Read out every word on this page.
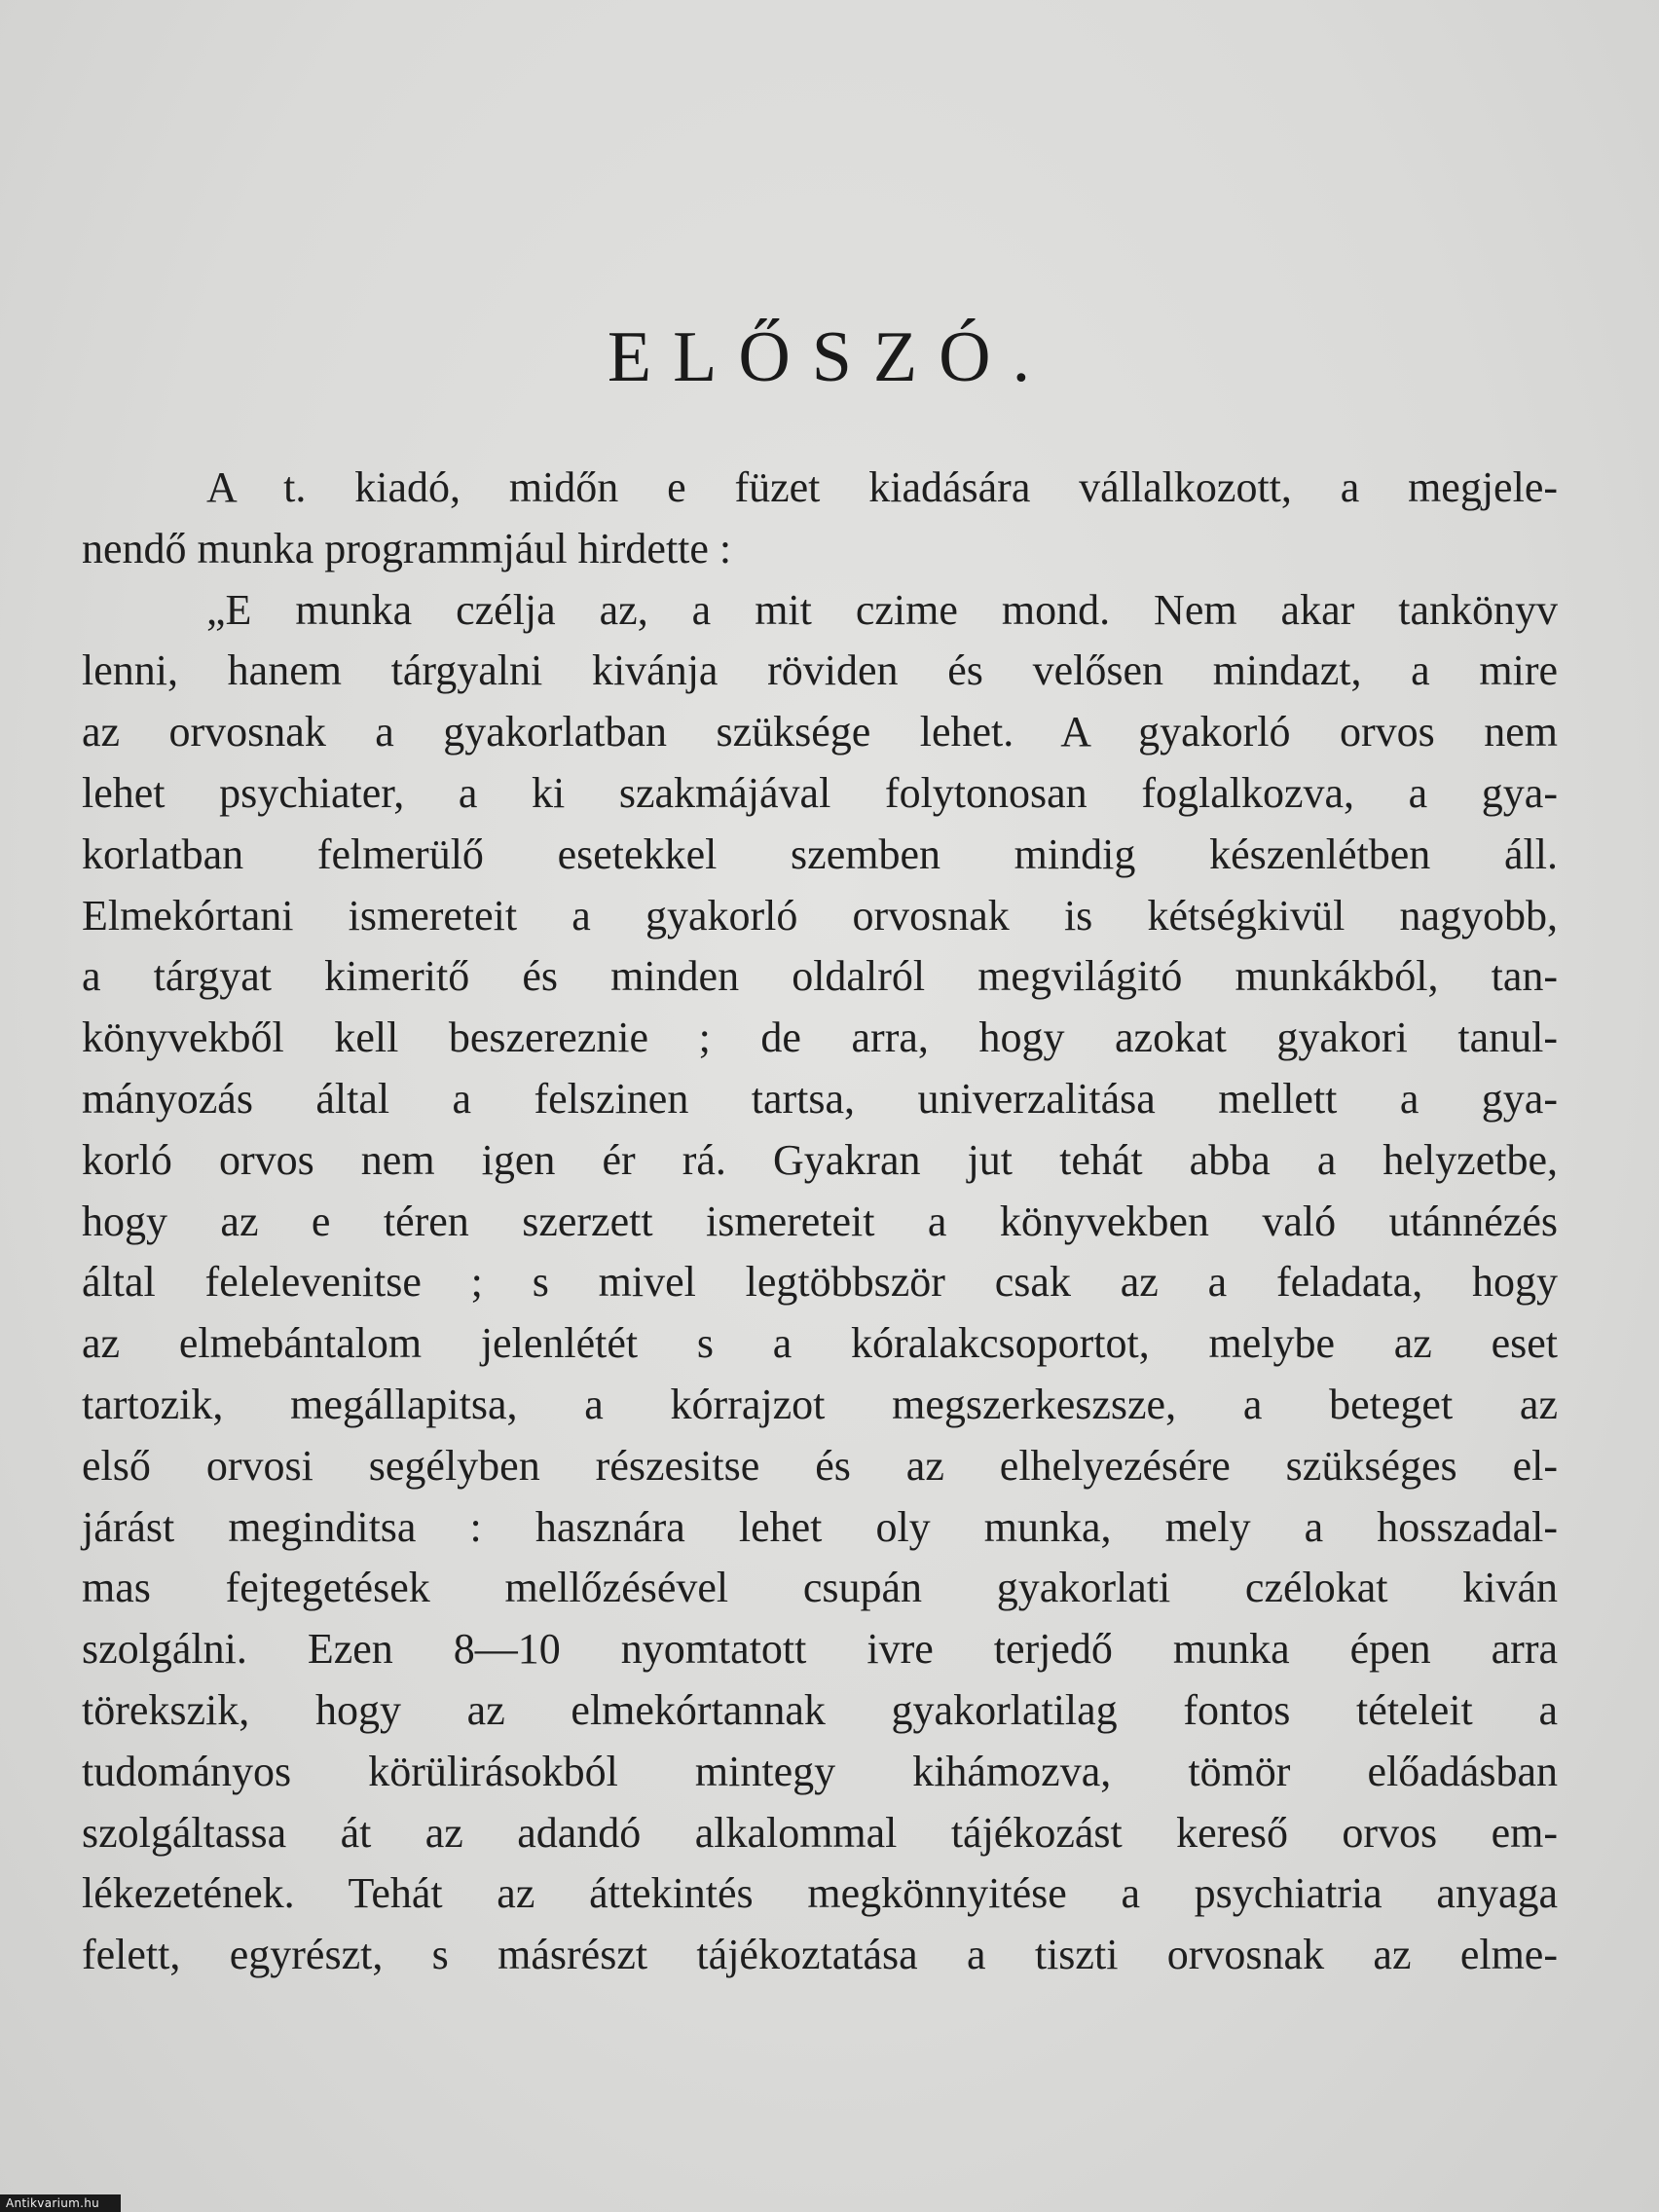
ELŐSZÓ.
A t. kiadó, midőn e füzet kiadására vállalkozott, a megjele-
nendő munka programmjául hirdette :
„E munka czélja az, a mit czime mond. Nem akar tankönyv
lenni, hanem tárgyalni kivánja röviden és velősen mindazt, a mire
az orvosnak a gyakorlatban szüksége lehet. A gyakorló orvos nem
lehet psychiater, a ki szakmájával folytonosan foglalkozva, a gya-
korlatban felmerülő esetekkel szemben mindig készenlétben áll.
Elmekórtani ismereteit a gyakorló orvosnak is kétségkivül nagyobb,
a tárgyat kimeritő és minden oldalról megvilágitó munkákból, tan-
könyvekből kell beszereznie ; de arra, hogy azokat gyakori tanul-
mányozás által a felszinen tartsa, univerzalitása mellett a gya-
korló orvos nem igen ér rá. Gyakran jut tehát abba a helyzetbe,
hogy az e téren szerzett ismereteit a könyvekben való utánnézés
által felelevenitse ; s mivel legtöbbször csak az a feladata, hogy
az elmebántalom jelenlétét s a kóralakcsoportot, melybe az eset
tartozik, megállapitsa, a kórrajzot megszerkeszsze, a beteget az
első orvosi segélyben részesitse és az elhelyezésére szükséges el-
járást meginditsa : hasznára lehet oly munka, mely a hosszadal-
mas fejtegetések mellőzésével csupán gyakorlati czélokat kiván
szolgálni. Ezen 8—10 nyomtatott ivre terjedő munka épen arra
törekszik, hogy az elmekórtannak gyakorlatilag fontos tételeit a
tudományos körülirásokból mintegy kihámozva, tömör előadásban
szolgáltassa át az adandó alkalommal tájékozást kereső orvos em-
lékezetének. Tehát az áttekintés megkönnyitése a psychiatria anyaga
felett, egyrészt, s másrészt tájékoztatása a tiszti orvosnak az elme-
Antikvarium.hu
